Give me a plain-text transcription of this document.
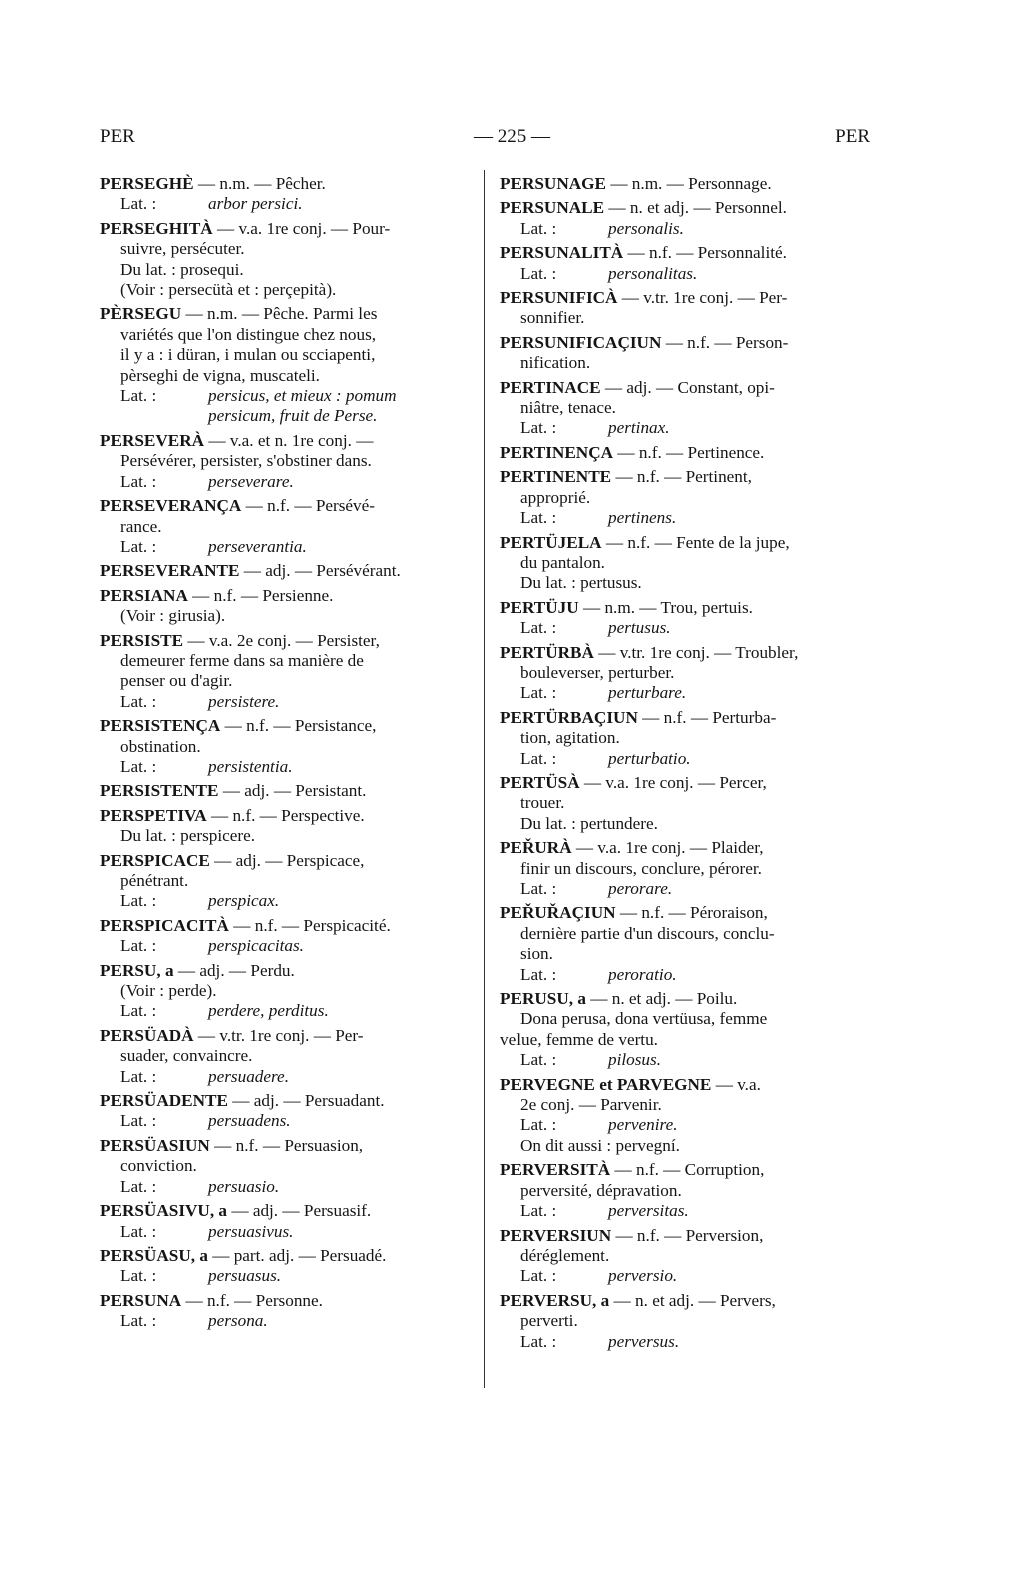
PER	— 225 —	PER
PERSEGHÈ — n.m. — Pêcher.
Lat. :	arbor persici.
PERSEGHITÀ — v.a. 1re conj. — Pour-
suivre, persécuter.
Du lat. : prosequi.
(Voir : persecütà et : perçepità).
PÈRSEGU — n.m. — Pêche. Parmi les
variétés que l'on distingue chez nous,
il y a : i düran, i mulan ou scciapenti,
pèrseghi de vigna, muscateli.
Lat. :	persicus, et mieux : pomum
persicum, fruit de Perse.
PERSEVERÀ — v.a. et n. 1re conj. —
Persévérer, persister, s'obstiner dans.
Lat. :	perseverare.
PERSEVERANÇA — n.f. — Persévé-
rance.
Lat. :	perseverantia.
PERSEVERANTE — adj. — Persévérant.
PERSIANA — n.f. — Persienne.
(Voir : girusia).
PERSISTE — v.a. 2e conj. — Persister,
demeurer ferme dans sa manière de
penser ou d'agir.
Lat. :	persistere.
PERSISTENÇA — n.f. — Persistance,
obstination.
Lat. :	persistentia.
PERSISTENTE — adj. — Persistant.
PERSPETIVA — n.f. — Perspective.
Du lat. : perspicere.
PERSPICACE — adj. — Perspicace,
pénétrant.
Lat. :	perspicax.
PERSPICACITÀ — n.f. — Perspicacité.
Lat. :	perspicacitas.
PERSU, a — adj. — Perdu.
(Voir : perde).
Lat. :	perdere, perditus.
PERSÜADÀ — v.tr. 1re conj. — Per-
suader, convaincre.
Lat. :	persuadere.
PERSÜADENTE — adj. — Persuadant.
Lat. :	persuadens.
PERSÜASIUN — n.f. — Persuasion,
conviction.
Lat. :	persuasio.
PERSÜASIVU, a — adj. — Persuasif.
Lat. :	persuasivus.
PERSÜASU, a — part. adj. — Persuadé.
Lat. :	persuasus.
PERSUNA — n.f. — Personne.
Lat. :	persona.
PERSUNAGE — n.m. — Personnage.
PERSUNALE — n. et adj. — Personnel.
Lat. :	personalis.
PERSUNALITÀ — n.f. — Personnalité.
Lat. :	personalitas.
PERSUNIFICÀ — v.tr. 1re conj. — Per-
sonnifier.
PERSUNIFICAÇIUN — n.f. — Person-
nification.
PERTINACE — adj. — Constant, opi-
niâtre, tenace.
Lat. :	pertinax.
PERTINENÇA — n.f. — Pertinence.
PERTINENTE — n.f. — Pertinent,
approprié.
Lat. :	pertinens.
PERTÜJELA — n.f. — Fente de la jupe,
du pantalon.
Du lat. : pertusus.
PERTÜJU — n.m. — Trou, pertuis.
Lat. :	pertusus.
PERTÜRBÀ — v.tr. 1re conj. — Troubler,
bouleverser, perturber.
Lat. :	perturbare.
PERTÜRBAÇIUN — n.f. — Perturba-
tion, agitation.
Lat. :	perturbatio.
PERTÜSÀ — v.a. 1re conj. — Percer,
trouer.
Du lat. : pertundere.
PEŘURÀ — v.a. 1re conj. — Plaider,
finir un discours, conclure, pérorer.
Lat. :	perorare.
PEŘUŘAÇIUN — n.f. — Péroraison,
dernière partie d'un discours, conclu-
sion.
Lat. :	peroratio.
PERUSU, a — n. et adj. — Poilu.
Dona perusa, dona vertüusa, femme
velue, femme de vertu.
Lat. :	pilosus.
PERVEGNE et PARVEGNE — v.a.
2e conj. — Parvenir.
Lat. :	pervenire.
On dit aussi : pervegní.
PERVERSITÀ — n.f. — Corruption,
perversité, dépravation.
Lat. :	perversitas.
PERVERSIUN — n.f. — Perversion,
déréglement.
Lat. :	perversio.
PERVERSU, a — n. et adj. — Pervers,
perverti.
Lat. :	perversus.
